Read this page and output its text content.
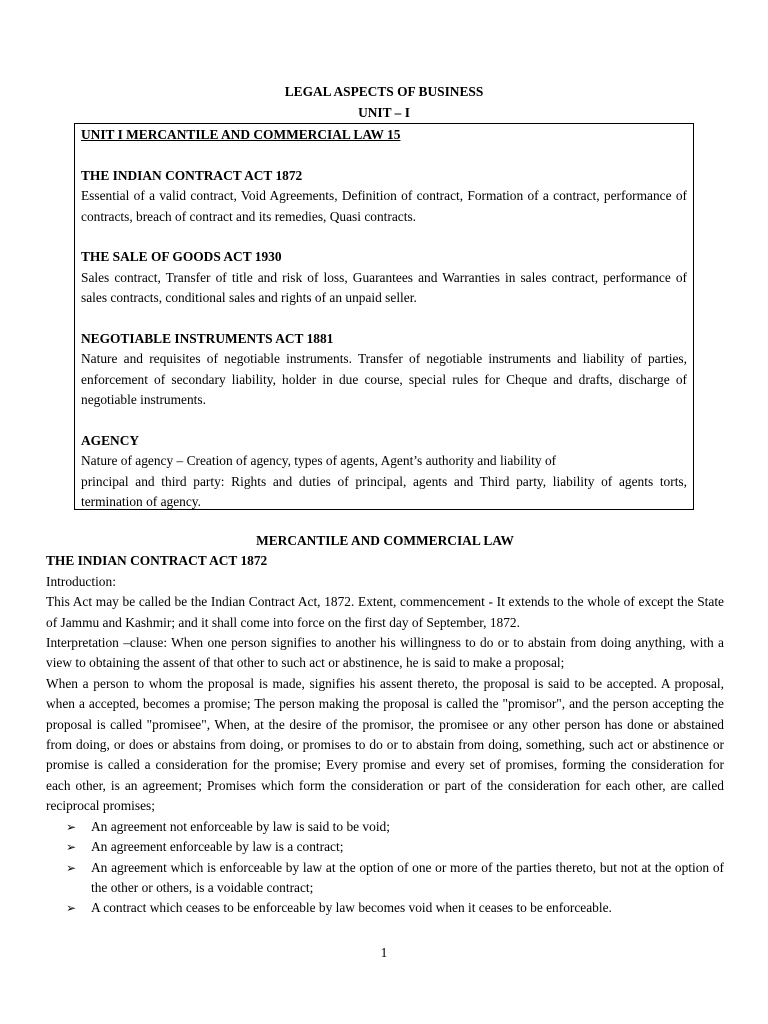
LEGAL ASPECTS OF BUSINESS
UNIT – I
UNIT I MERCANTILE AND COMMERCIAL LAW 15
THE INDIAN CONTRACT ACT 1872
Essential of a valid contract, Void Agreements, Definition of contract, Formation of a contract, performance of contracts, breach of contract and its remedies, Quasi contracts.
THE SALE OF GOODS ACT 1930
Sales contract, Transfer of title and risk of loss, Guarantees and Warranties in sales contract, performance of sales contracts, conditional sales and rights of an unpaid seller.
NEGOTIABLE INSTRUMENTS ACT 1881
Nature and requisites of negotiable instruments. Transfer of negotiable instruments and liability of parties, enforcement of secondary liability, holder in due course, special rules for Cheque and drafts, discharge of negotiable instruments.
AGENCY
Nature of agency – Creation of agency, types of agents, Agent’s authority and liability of
principal and third party: Rights and duties of principal, agents and Third party, liability of agents torts, termination of agency.
MERCANTILE AND COMMERCIAL LAW
THE INDIAN CONTRACT ACT 1872
Introduction:
This Act may be called be the Indian Contract Act, 1872. Extent, commencement - It extends to the whole of except the State of Jammu and Kashmir; and it shall come into force on the first day of September, 1872.
Interpretation –clause: When one person signifies to another his willingness to do or to abstain from doing anything, with a view to obtaining the assent of that other to such act or abstinence, he is said to make a proposal;
When a person to whom the proposal is made, signifies his assent thereto, the proposal is said to be accepted. A proposal, when a accepted, becomes a promise; The person making the proposal is called the "promisor", and the person accepting the proposal is called "promisee", When, at the desire of the promisor, the promisee or any other person has done or abstained from doing, or does or abstains from doing, or promises to do or to abstain from doing, something, such act or abstinence or promise is called a consideration for the promise; Every promise and every set of promises, forming the consideration for each other, is an agreement; Promises which form the consideration or part of the consideration for each other, are called reciprocal promises;
➢ An agreement not enforceable by law is said to be void;
➢ An agreement enforceable by law is a contract;
➢ An agreement which is enforceable by law at the option of one or more of the parties thereto, but not at the option of the other or others, is a voidable contract;
➢ A contract which ceases to be enforceable by law becomes void when it ceases to be enforceable.
1
